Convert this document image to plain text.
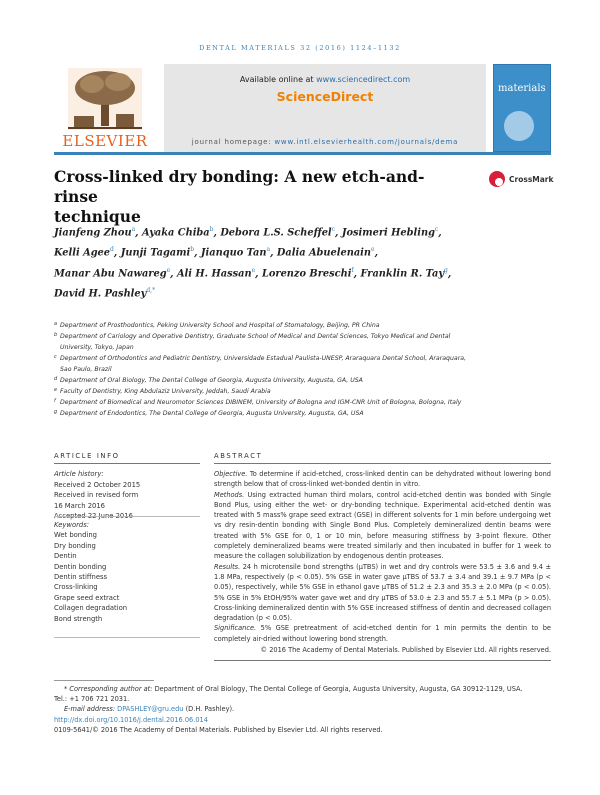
DENTAL MATERIALS 32 (2016) 1124–1132
ELSEVIER
Available online at www.sciencedirect.com
ScienceDirect
journal homepage: www.intl.elsevierhealth.com/journals/dema
materials
Cross-linked dry bonding: A new etch-and-rinse
technique
CrossMark
Jianfeng Zhou$^a$, Ayaka Chiba$^b$, Debora L.S. Scheffel$^c$, Josimeri Hebling$^c$,
Kelli Agee$^d$, Junji Tagami$^b$, Jianquo Tan$^a$, Dalia Abuelenain$^e$,
Manar Abu Nawareg$^e$, Ali H. Hassan$^e$, Lorenzo Breschi$^f$, Franklin R. Tay$^g$,
David H. Pashley$^{d,*}$
a Department of Prosthodontics, Peking University School and Hospital of Stomatology, Beijing, PR China
b Department of Cariology and Operative Dentistry, Graduate School of Medical and Dental Sciences, Tokyo Medical and Dental University, Tokyo, Japan
c Department of Orthodontics and Pediatric Dentistry, Universidade Estadual Paulista-UNESP, Araraquara Dental School, Araraquara, Sao Paulo, Brazil
d Department of Oral Biology, The Dental College of Georgia, Augusta University, Augusta, GA, USA
e Faculty of Dentistry, King Abdulaziz University, Jeddah, Saudi Arabia
f Department of Biomedical and Neuromotor Sciences DIBINEM, University of Bologna and IGM-CNR Unit of Bologna, Bologna, Italy
g Department of Endodontics, The Dental College of Georgia, Augusta University, Augusta, GA, USA
ARTICLE INFO	ABSTRACT
Article history:
Received 2 October 2015
Received in revised form
16 March 2016
Keywords:
Wet bonding
Dry bonding
Dentin
Dentin bonding
Dentin stiffness
Cross-linking
Grape seed extract
Collagen degradation
Bond strength

Objective. To determine if acid-etched, cross-linked dentin can be dehydrated without lowering bond strength below that of cross-linked wet-bonded dentin in vitro.

Methods. Using extracted human third molars, control acid-etched dentin was bonded with Single Bond Plus, using either the wet- or dry-bonding technique. Experimental acid-etched dentin was treated with 5 mass% grape seed extract (GSE) in different solvents for 1 min before undergoing wet vs dry resin-dentin bonding with Single Bond Plus. Completely demineralized dentin beams were treated with 5% GSE for 0, 1 or 10 min, before measuring stiffness by 3-point flexure. Other completely demineralized beams were treated similarly and then incubated in buffer for 1 week to measure the collagen solubilization by endogenous dentin proteases.

Results. 24 h microtensile bond strengths (μTBS) in wet and dry controls were 53.5 ± 3.6 and 9.4 ± 1.8 MPa, respectively (p < 0.05). 5% GSE in water gave μTBS of 53.7 ± 3.4 and 39.1 ± 9.7 MPa (p < 0.05), respectively, while 5% GSE in ethanol gave μTBS of 51.2 ± 2.3 and 35.3 ± 2.0 MPa (p < 0.05). 5% GSE in 5% EtOH/95% water gave wet and dry μTBS of 53.0 ± 2.3 and 55.7 ± 5.1 MPa (p > 0.05). Cross-linking demineralized dentin with 5% GSE increased stiffness of dentin and decreased collagen degradation (p < 0.05).

Significance. 5% GSE pretreatment of acid-etched dentin for 1 min permits the dentin to be completely air-dried without lowering bond strength.

© 2016 The Academy of Dental Materials. Published by Elsevier Ltd. All rights reserved.

* Corresponding author at: Department of Oral Biology, The Dental College of Georgia, Augusta University, Augusta, GA 30912-1129, USA.
Tel.: +1 706 721 2031.
E-mail address: DPASHLEY@gru.edu (D.H. Pashley).
http://dx.doi.org/10.1016/j.dental.2016.06.014
0109-5641/© 2016 The Academy of Dental Materials. Published by Elsevier Ltd. All rights reserved.
